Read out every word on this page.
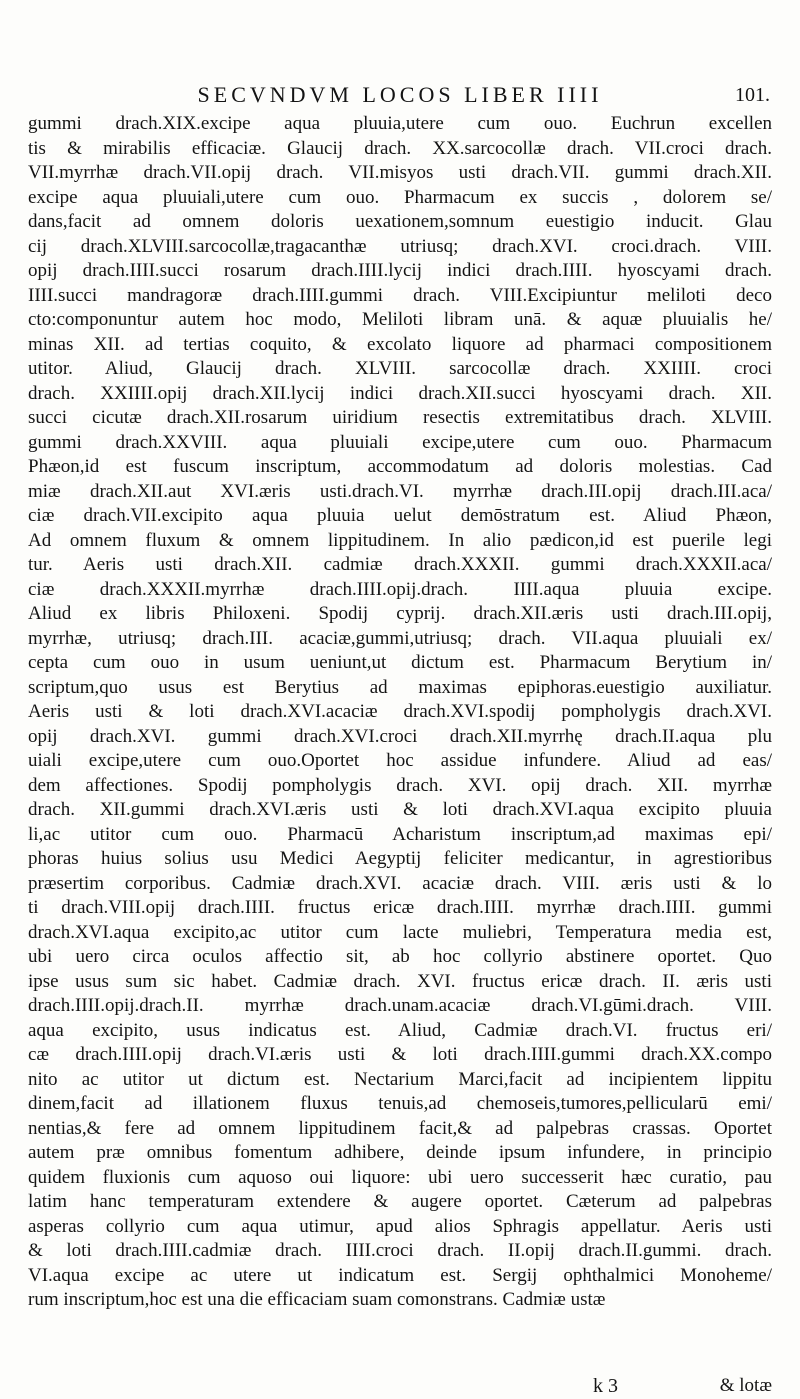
SECVNDVM LOCOS LIBER IIII	101.
gummi drach.XIX.excipe aqua pluuia,utere cum ouo. Euchrun excellen
tis & mirabilis efficaciæ. Glaucij drach. XX.sarcocollæ drach. VII.croci drach.
VII.myrrhæ drach.VII.opij drach. VII.misyos usti drach.VII. gummi drach.XII.
excipe aqua pluuiali,utere cum ouo. Pharmacum ex succis , dolorem se/
dans,facit ad omnem doloris uexationem,somnum euestigio inducit. Glau
cij drach.XLVIII.sarcocollæ,tragacanthæ utriusq; drach.XVI. croci.drach. VIII.
opij drach.IIII.succi rosarum drach.IIII.lycij indici drach.IIII. hyoscyami drach.
IIII.succi mandragoræ drach.IIII.gummi drach. VIII.Excipiuntur meliloti deco
cto:componuntur autem hoc modo, Meliloti libram unā. & aquæ pluuialis he/
minas XII. ad tertias coquito, & excolato liquore ad pharmaci compositionem
utitor. Aliud, Glaucij drach. XLVIII. sarcocollæ drach. XXIIII. croci
drach. XXIIII.opij drach.XII.lycij indici drach.XII.succi hyoscyami drach. XII.
succi cicutæ drach.XII.rosarum uiridium resectis extremitatibus drach. XLVIII.
gummi drach.XXVIII. aqua pluuiali excipe,utere cum ouo. Pharmacum
Phæon,id est fuscum inscriptum, accommodatum ad doloris molestias. Cad
miæ drach.XII.aut XVI.æris usti.drach.VI. myrrhæ drach.III.opij drach.III.aca/
ciæ drach.VII.excipito aqua pluuia uelut demōstratum est. Aliud Phæon,
Ad omnem fluxum & omnem lippitudinem. In alio pædicon,id est puerile legi
tur. Aeris usti drach.XII. cadmiæ drach.XXXII. gummi drach.XXXII.aca/
ciæ drach.XXXII.myrrhæ drach.IIII.opij.drach. IIII.aqua pluuia excipe.
Aliud ex libris Philoxeni. Spodij cyprij. drach.XII.æris usti drach.III.opij,
myrrhæ, utriusq; drach.III. acaciæ,gummi,utriusq; drach. VII.aqua pluuiali ex/
cepta cum ouo in usum ueniunt,ut dictum est. Pharmacum Berytium in/
scriptum,quo usus est Berytius ad maximas epiphoras.euestigio auxiliatur.
Aeris usti & loti drach.XVI.acaciæ drach.XVI.spodij pompholygis drach.XVI.
opij drach.XVI. gummi drach.XVI.croci drach.XII.myrrhę drach.II.aqua plu
uiali excipe,utere cum ouo.Oportet hoc assidue infundere. Aliud ad eas/
dem affectiones. Spodij pompholygis drach. XVI. opij drach. XII. myrrhæ
drach. XII.gummi drach.XVI.æris usti & loti drach.XVI.aqua excipito pluuia
li,ac utitor cum ouo. Pharmacū Acharistum inscriptum,ad maximas epi/
phoras huius solius usu Medici Aegyptij feliciter medicantur, in agrestioribus
præsertim corporibus. Cadmiæ drach.XVI. acaciæ drach. VIII. æris usti & lo
ti drach.VIII.opij drach.IIII. fructus ericæ drach.IIII. myrrhæ drach.IIII. gummi
drach.XVI.aqua excipito,ac utitor cum lacte muliebri, Temperatura media est,
ubi uero circa oculos affectio sit, ab hoc collyrio abstinere oportet. Quo
ipse usus sum sic habet. Cadmiæ drach. XVI. fructus ericæ drach. II. æris usti
drach.IIII.opij.drach.II. myrrhæ drach.unam.acaciæ drach.VI.gūmi.drach. VIII.
aqua excipito, usus indicatus est. Aliud, Cadmiæ drach.VI. fructus eri/
cæ drach.IIII.opij drach.VI.æris usti & loti drach.IIII.gummi drach.XX.compo
nito ac utitor ut dictum est. Nectarium Marci,facit ad incipientem lippitu
dinem,facit ad illationem fluxus tenuis,ad chemoseis,tumores,pellicularū emi/
nentias,& fere ad omnem lippitudinem facit,& ad palpebras crassas. Oportet
autem præ omnibus fomentum adhibere, deinde ipsum infundere, in principio
quidem fluxionis cum aquoso oui liquore: ubi uero successerit hæc curatio, pau
latim hanc temperaturam extendere & augere oportet. Cæterum ad palpebras
asperas collyrio cum aqua utimur, apud alios Sphragis appellatur. Aeris usti
& loti drach.IIII.cadmiæ drach. IIII.croci drach. II.opij drach.II.gummi. drach.
VI.aqua excipe ac utere ut indicatum est. Sergij ophthalmici Monoheme/
rum inscriptum,hoc est una die efficaciam suam comonstrans. Cadmiæ ustæ
k 3	& lotæ
